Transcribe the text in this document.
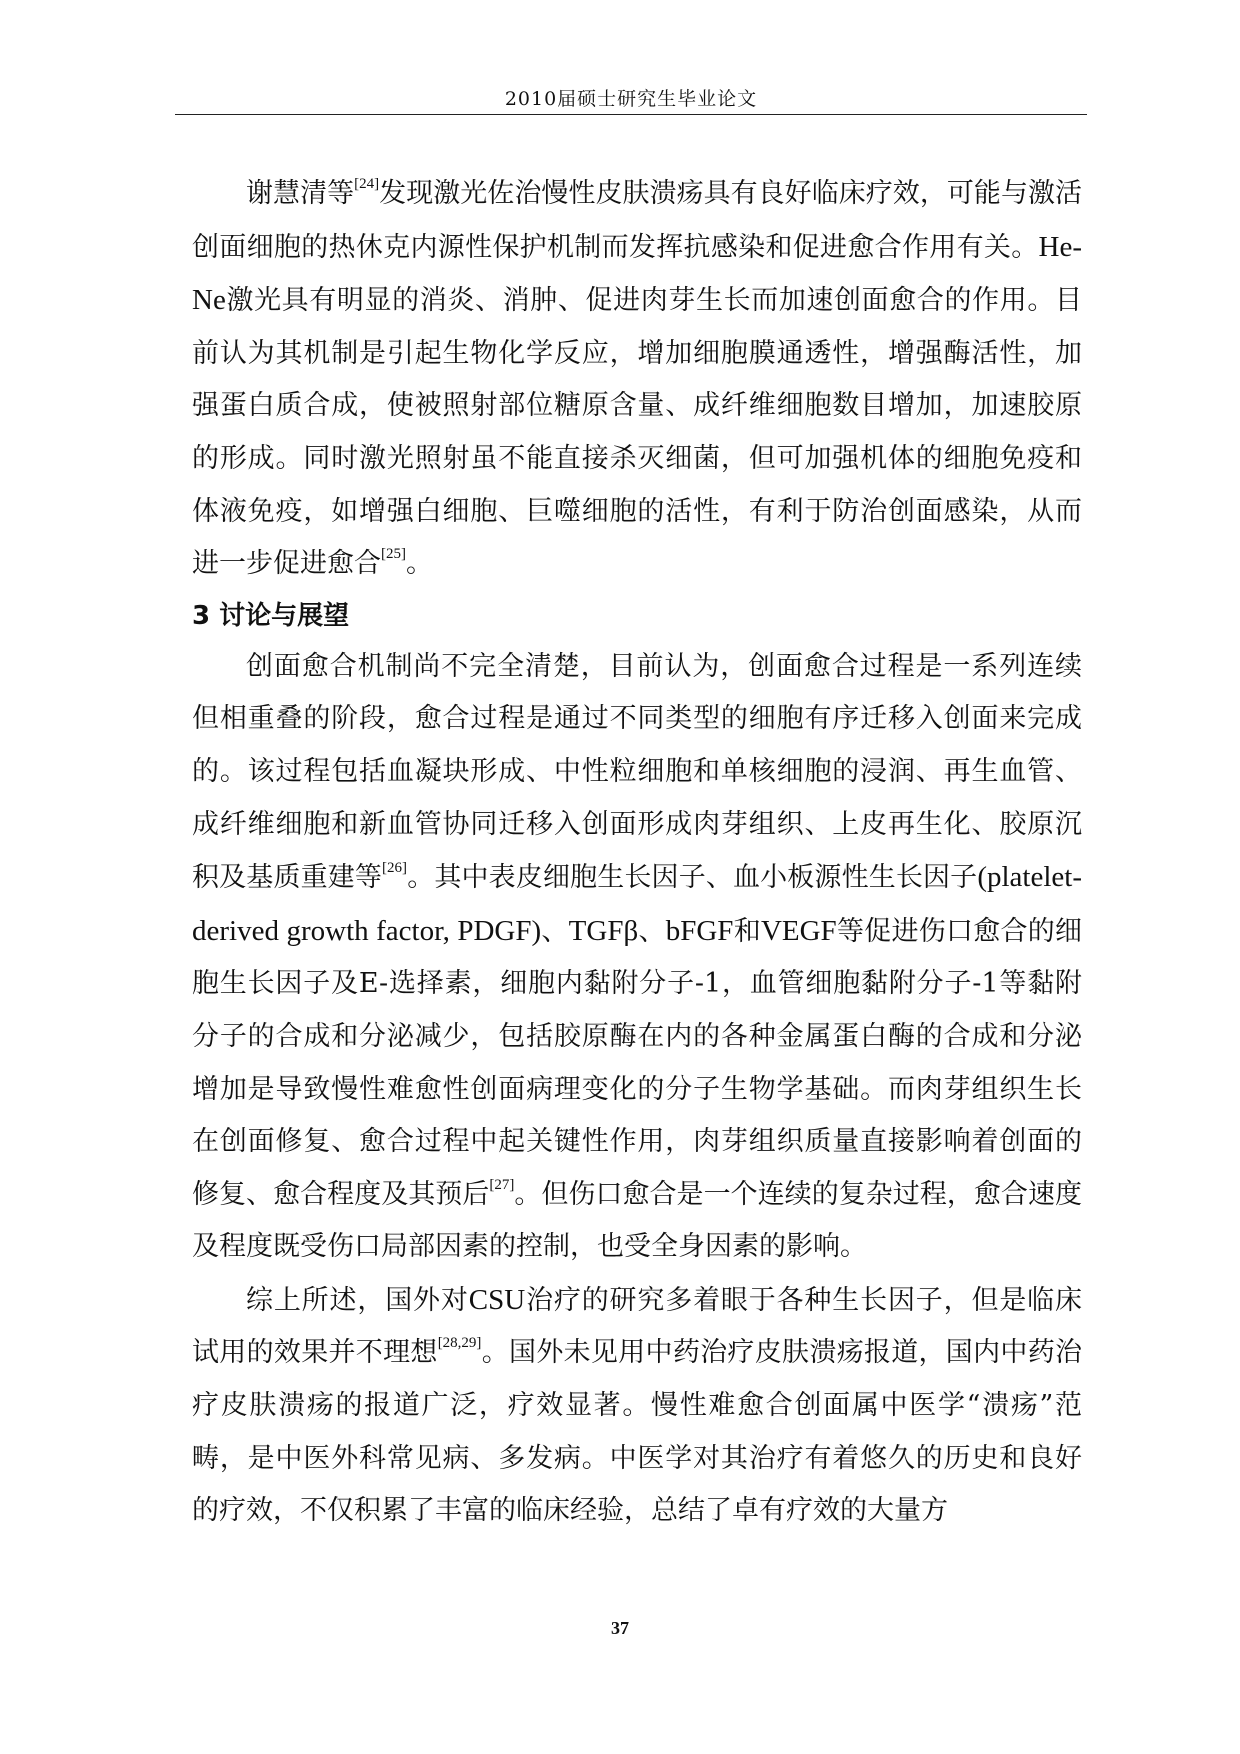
2010届硕士研究生毕业论文

谢慧清等[24]发现激光佐治慢性皮肤溃疡具有良好临床疗效，可能与激活创面细胞的热休克内源性保护机制而发挥抗感染和促进愈合作用有关。He-Ne激光具有明显的消炎、消肿、促进肉芽生长而加速创面愈合的作用。目前认为其机制是引起生物化学反应，增加细胞膜通透性，增强酶活性，加强蛋白质合成，使被照射部位糖原含量、成纤维细胞数目增加，加速胶原的形成。同时激光照射虽不能直接杀灭细菌，但可加强机体的细胞免疫和体液免疫，如增强白细胞、巨噬细胞的活性，有利于防治创面感染，从而进一步促进愈合[25]。

3 讨论与展望

创面愈合机制尚不完全清楚，目前认为，创面愈合过程是一系列连续但相重叠的阶段，愈合过程是通过不同类型的细胞有序迁移入创面来完成的。该过程包括血凝块形成、中性粒细胞和单核细胞的浸润、再生血管、成纤维细胞和新血管协同迁移入创面形成肉芽组织、上皮再生化、胶原沉积及基质重建等[26]。其中表皮细胞生长因子、血小板源性生长因子(platelet-derived growth factor, PDGF)、TGFβ、bFGF和VEGF等促进伤口愈合的细胞生长因子及E-选择素，细胞内黏附分子-1，血管细胞黏附分子-1等黏附分子的合成和分泌减少，包括胶原酶在内的各种金属蛋白酶的合成和分泌增加是导致慢性难愈性创面病理变化的分子生物学基础。而肉芽组织生长在创面修复、愈合过程中起关键性作用，肉芽组织质量直接影响着创面的修复、愈合程度及其预后[27]。但伤口愈合是一个连续的复杂过程，愈合速度及程度既受伤口局部因素的控制，也受全身因素的影响。

综上所述，国外对CSU治疗的研究多着眼于各种生长因子，但是临床试用的效果并不理想[28,29]。国外未见用中药治疗皮肤溃疡报道，国内中药治疗皮肤溃疡的报道广泛，疗效显著。慢性难愈合创面属中医学“溃疡”范畴，是中医外科常见病、多发病。中医学对其治疗有着悠久的历史和良好的疗效，不仅积累了丰富的临床经验，总结了卓有疗效的大量方

37
